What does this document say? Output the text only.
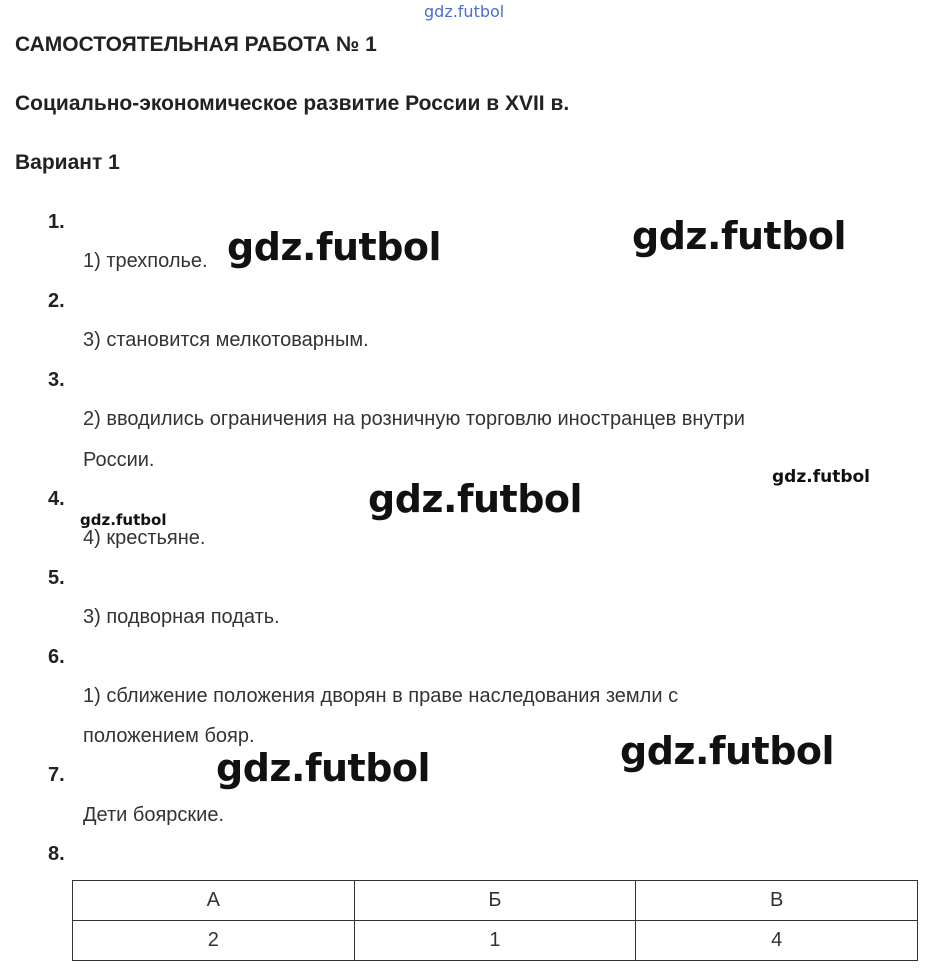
gdz.futbol
САМОСТОЯТЕЛЬНАЯ РАБОТА № 1
Социально-экономическое развитие России в XVII в.
Вариант 1
1.
1) трехполье.
2.
3) становится мелкотоварным.
3.
2) вводились ограничения на розничную торговлю иностранцев внутри
России.
4.
4) крестьяне.
5.
3) подворная подать.
6.
1) сближение положения дворян в праве наследования земли с
положением бояр.
7.
Дети боярские.
8.
А	Б	В
2	1	4
gdz.futbol	gdz.futbol
gdz.futbol	gdz.futbol
gdz.futbol
gdz.futbol
gdz.futbol
